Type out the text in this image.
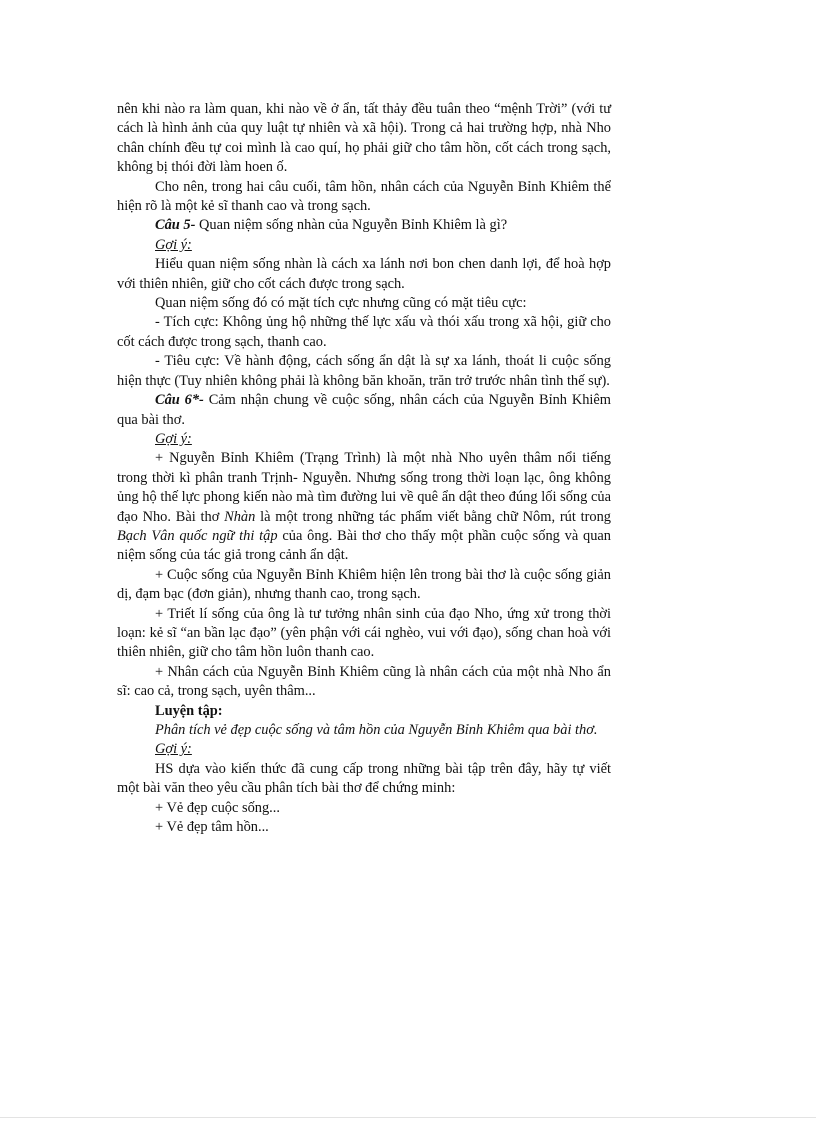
nên khi nào ra làm quan, khi nào về ở ẩn, tất thảy đều tuân theo “mệnh Trời” (với tư cách là hình ảnh của quy luật tự nhiên và xã hội). Trong cả hai trường hợp, nhà Nho chân chính đều tự coi mình là cao quí, họ phải giữ cho tâm hồn, cốt cách trong sạch, không bị thói đời làm hoen ố.

Cho nên, trong hai câu cuối, tâm hồn, nhân cách của Nguyễn Bỉnh Khiêm thể hiện rõ là một kẻ sĩ thanh cao và trong sạch.

Câu 5- Quan niệm sống nhàn của Nguyễn Bỉnh Khiêm là gì?

Gợi ý:

Hiểu quan niệm sống nhàn là cách xa lánh nơi bon chen danh lợi, để hoà hợp với thiên nhiên, giữ cho cốt cách được trong sạch.

Quan niệm sống đó có mặt tích cực nhưng cũng có mặt tiêu cực:

- Tích cực: Không ủng hộ những thế lực xấu và thói xấu trong xã hội, giữ cho cốt cách được trong sạch, thanh cao.

- Tiêu cực: Về hành động, cách sống ẩn dật là sự xa lánh, thoát li cuộc sống hiện thực (Tuy nhiên không phải là không băn khoăn, trăn trở trước nhân tình thế sự).

Câu 6*- Cảm nhận chung về cuộc sống, nhân cách của Nguyễn Bỉnh Khiêm qua bài thơ.

Gợi ý:

+ Nguyễn Bỉnh Khiêm (Trạng Trình) là một nhà Nho uyên thâm nổi tiếng trong thời kì phân tranh Trịnh- Nguyễn. Nhưng sống trong thời loạn lạc, ông không ủng hộ thế lực phong kiến nào mà tìm đường lui về quê ẩn dật theo đúng lối sống của đạo Nho. Bài thơ Nhàn là một trong những tác phẩm viết bằng chữ Nôm, rút trong Bạch Vân quốc ngữ thi tập của ông. Bài thơ cho thấy một phần cuộc sống và quan niệm sống của tác giả trong cảnh ẩn dật.

+ Cuộc sống của Nguyễn Bỉnh Khiêm hiện lên trong bài thơ là cuộc sống giản dị, đạm bạc (đơn giản), nhưng thanh cao, trong sạch.

+ Triết lí sống của ông là tư tưởng nhân sinh của đạo Nho, ứng xử trong thời loạn: kẻ sĩ “an bần lạc đạo” (yên phận với cái nghèo, vui với đạo), sống chan hoà với thiên nhiên, giữ cho tâm hồn luôn thanh cao.

+ Nhân cách của Nguyễn Bỉnh Khiêm cũng là nhân cách của một nhà Nho ẩn sĩ: cao cả, trong sạch, uyên thâm...

Luyện tập:

Phân tích vẻ đẹp cuộc sống và tâm hồn của Nguyễn Bỉnh Khiêm qua bài thơ.

Gợi ý:

HS dựa vào kiến thức đã cung cấp trong những bài tập trên đây, hãy tự viết một bài văn theo yêu cầu phân tích bài thơ để chứng minh:

+ Vẻ đẹp cuộc sống...

+ Vẻ đẹp tâm hồn...
